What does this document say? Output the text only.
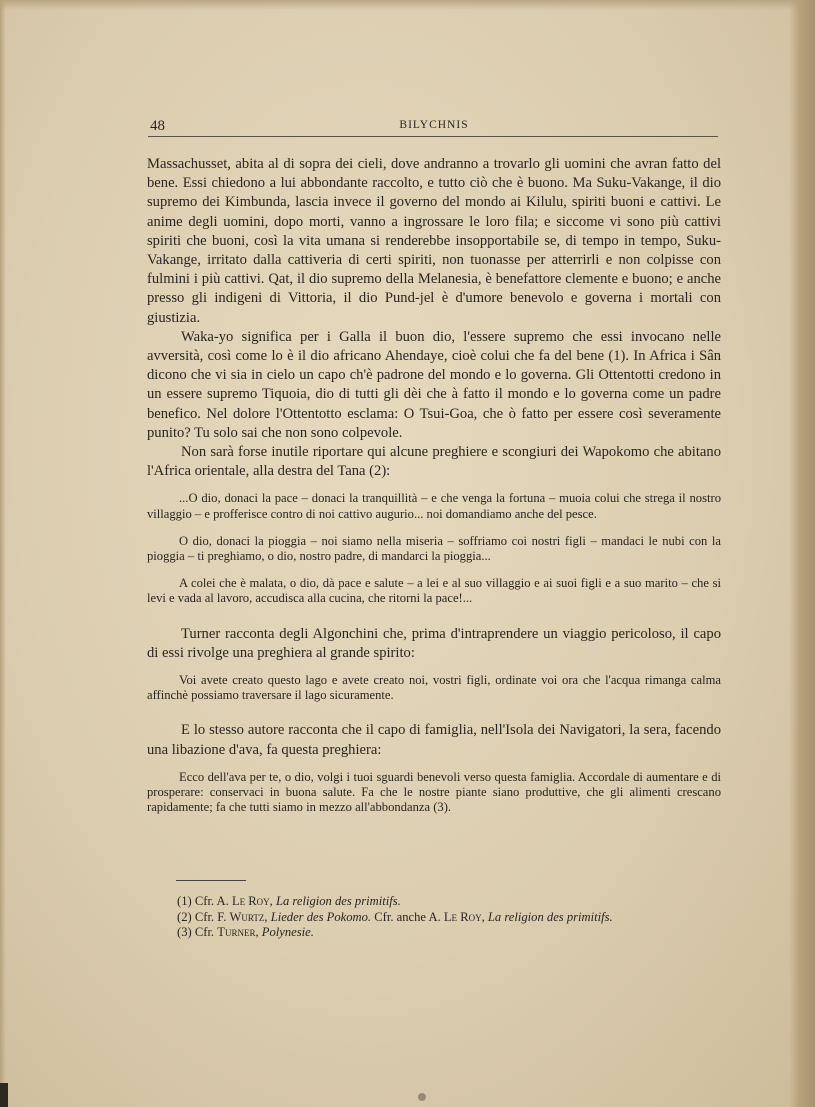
48	BILYCHNIS

Massachusset, abita al di sopra dei cieli, dove andranno a trovarlo gli uomini che avran fatto del bene. Essi chiedono a lui abbondante raccolto, e tutto ciò che è buono. Ma Suku-Vakange, il dio supremo dei Kimbunda, lascia invece il governo del mondo ai Kilulu, spiriti buoni e cattivi. Le anime degli uomini, dopo morti, vanno a ingrossare le loro fila; e siccome vi sono più cattivi spiriti che buoni, così la vita umana si renderebbe insopportabile se, di tempo in tempo, Suku-Vakange, irritato dalla cattiveria di certi spiriti, non tuonasse per atterrirli e non colpisse con fulmini i più cattivi. Qat, il dio supremo della Melanesia, è benefattore clemente e buono; e anche presso gli indigeni di Vittoria, il dio Pund-jel è d'umore benevolo e governa i mortali con giustizia.

Waka-yo significa per i Galla il buon dio, l'essere supremo che essi invocano nelle avversità, così come lo è il dio africano Ahendaye, cioè colui che fa del bene (1). In Africa i Sân dicono che vi sia in cielo un capo ch'è padrone del mondo e lo governa. Gli Ottentotti credono in un essere supremo Tiquoia, dio di tutti gli dèi che à fatto il mondo e lo governa come un padre benefico. Nel dolore l'Ottentotto esclama: O Tsui-Goa, che ò fatto per essere così severamente punito? Tu solo sai che non sono colpevole.

Non sarà forse inutile riportare qui alcune preghiere e scongiuri dei Wapokomo che abitano l'Africa orientale, alla destra del Tana (2):

...O dio, donaci la pace – donaci la tranquillità – e che venga la fortuna – muoia colui che strega il nostro villaggio – e profferisce contro di noi cattivo augurio... noi domandiamo anche del pesce.

O dio, donaci la pioggia – noi siamo nella miseria – soffriamo coi nostri figli – mandaci le nubi con la pioggia – ti preghiamo, o dio, nostro padre, di mandarci la pioggia...

A colei che è malata, o dio, dà pace e salute – a lei e al suo villaggio e ai suoi figli e a suo marito – che si levi e vada al lavoro, accudisca alla cucina, che ritorni la pace!...

Turner racconta degli Algonchini che, prima d'intraprendere un viaggio pericoloso, il capo di essi rivolge una preghiera al grande spirito:

Voi avete creato questo lago e avete creato noi, vostri figli, ordinate voi ora che l'acqua rimanga calma affinchè possiamo traversare il lago sicuramente.

E lo stesso autore racconta che il capo di famiglia, nell'Isola dei Navigatori, la sera, facendo una libazione d'ava, fa questa preghiera:

Ecco dell'ava per te, o dio, volgi i tuoi sguardi benevoli verso questa famiglia. Accordale di aumentare e di prosperare: conservaci in buona salute. Fa che le nostre piante siano produttive, che gli alimenti crescano rapidamente; fa che tutti siamo in mezzo all'abbondanza (3).

(1) Cfr. A. Le Roy, La religion des primitifs.

(2) Cfr. F. Wurtz, Lieder des Pokomo. Cfr. anche A. Le Roy, La religion des primitifs.

(3) Cfr. Turner, Polynesie.
